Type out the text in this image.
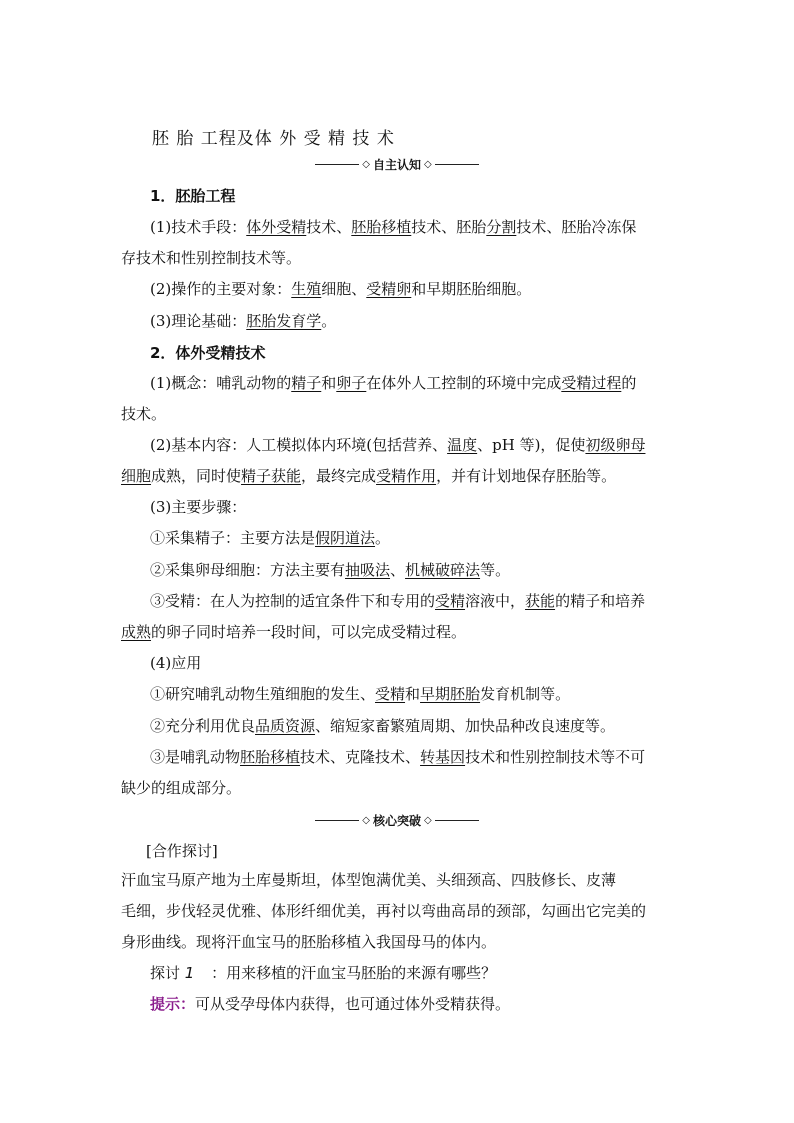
胚 胎 工程及体 外 受 精 技 术
◇ 自主认知 ◇
1．胚胎工程
(1)技术手段：体外受精技术、胚胎移植技术、胚胎分割技术、胚胎冷冻保
存技术和性别控制技术等。
(2)操作的主要对象：生殖细胞、受精卵和早期胚胎细胞。
(3)理论基础：胚胎发育学。
2．体外受精技术
(1)概念：哺乳动物的精子和卵子在体外人工控制的环境中完成受精过程的
技术。
(2)基本内容：人工模拟体内环境(包括营养、温度、pH 等)，促使初级卵母
细胞成熟，同时使精子获能，最终完成受精作用，并有计划地保存胚胎等。
(3)主要步骤：
①采集精子：主要方法是假阴道法。
②采集卵母细胞：方法主要有抽吸法、机械破碎法等。
③受精：在人为控制的适宜条件下和专用的受精溶液中，获能的精子和培养
成熟的卵子同时培养一段时间，可以完成受精过程。
(4)应用
①研究哺乳动物生殖细胞的发生、受精和早期胚胎发育机制等。
②充分利用优良品质资源、缩短家畜繁殖周期、加快品种改良速度等。
③是哺乳动物胚胎移植技术、克隆技术、转基因技术和性别控制技术等不可
缺少的组成部分。
◇ 核心突破 ◇
[合作探讨]
汗血宝马原产地为土库曼斯坦，体型饱满优美、头细颈高、四肢修长、皮薄
毛细，步伐轻灵优雅、体形纤细优美，再衬以弯曲高昂的颈部，勾画出它完美的
身形曲线。现将汗血宝马的胚胎移植入我国母马的体内。
探讨 1 ：用来移植的汗血宝马胚胎的来源有哪些？
提示：可从受孕母体内获得，也可通过体外受精获得。
